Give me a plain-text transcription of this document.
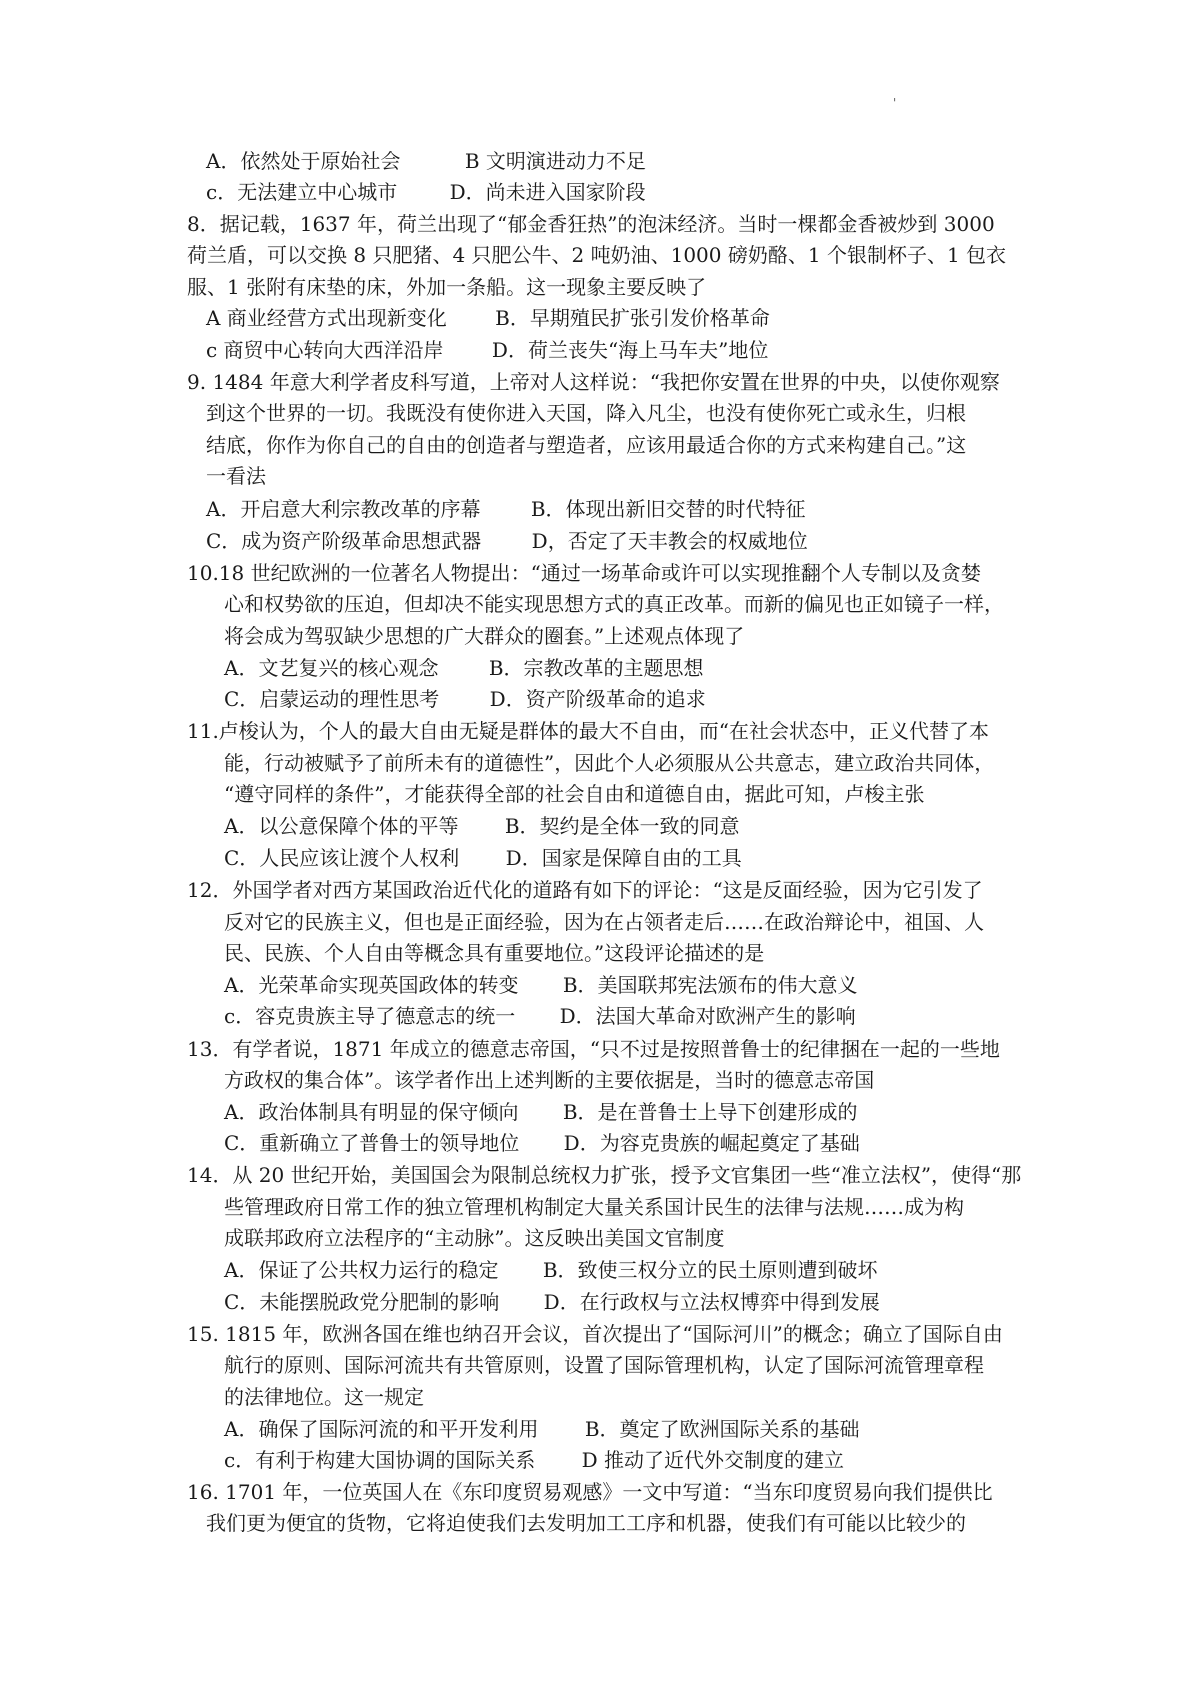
'
A．依然处于原始社会	B 文明演进动力不足
c．无法建立中心城市	D．尚未进入国家阶段
8．据记载，1637 年，荷兰出现了“郁金香狂热”的泡沫经济。当时一棵都金香被炒到 3000
荷兰盾，可以交换 8 只肥猪、4 只肥公牛、2 吨奶油、1000 磅奶酪、1 个银制杯子、1 包衣
服、1 张附有床垫的床，外加一条船。这一现象主要反映了
A 商业经营方式出现新变化 B．早期殖民扩张引发价格革命
c 商贸中心转向大西洋沿岸 D．荷兰丧失“海上马车夫”地位
9. 1484 年意大利学者皮科写道，上帝对人这样说：“我把你安置在世界的中央，以使你观察
到这个世界的一切。我既没有使你进入天国，降入凡尘，也没有使你死亡或永生，归根
结底，你作为你自己的自由的创造者与塑造者，应该用最适合你的方式来构建自己。”这
一看法
A．开启意大利宗教改革的序幕	B．体现出新旧交替的时代特征
C．成为资产阶级革命思想武器	D，否定了天丰教会的权威地位
10.18 世纪欧洲的一位著名人物提出：“通过一场革命或许可以实现推翻个人专制以及贪婪
心和权势欲的压迫，但却决不能实现思想方式的真正改革。而新的偏见也正如镜子一样，
将会成为驾驭缺少思想的广大群众的圈套。”上述观点体现了
A．文艺复兴的核心观念	B．宗教改革的主题思想
C．启蒙运动的理性思考	D．资产阶级革命的追求
11.卢梭认为，个人的最大自由无疑是群体的最大不自由，而“在社会状态中，正义代替了本
能，行动被赋予了前所未有的道德性”，因此个人必须服从公共意志，建立政治共同体，
“遵守同样的条件”，才能获得全部的社会自由和道德自由，据此可知，卢梭主张
A．以公意保障个体的平等 B．契约是全体一致的同意
C．人民应该让渡个人权利 D．国家是保障自由的工具
12．外国学者对西方某国政治近代化的道路有如下的评论：“这是反面经验，因为它引发了
反对它的民族主义，但也是正面经验，因为在占领者走后……在政治辩论中，祖国、人
民、民族、个人自由等概念具有重要地位。”这段评论描述的是
A．光荣革命实现英国政体的转变 B．美国联邦宪法颁布的伟大意义
c．容克贵族主导了德意志的统一 D．法国大革命对欧洲产生的影响
13．有学者说，1871 年成立的德意志帝国，“只不过是按照普鲁士的纪律捆在一起的一些地
方政权的集合体”。该学者作出上述判断的主要依据是，当时的德意志帝国
A．政治体制具有明显的保守倾向 B．是在普鲁士上导下创建形成的
C．重新确立了普鲁士的领导地位 D．为容克贵族的崛起奠定了基础
14．从 20 世纪开始，美国国会为限制总统权力扩张，授予文官集团一些“准立法权”，使得“那
些管理政府日常工作的独立管理机构制定大量关系国计民生的法律与法规……成为构
成联邦政府立法程序的“主动脉”。这反映出美国文官制度
A．保证了公共权力运行的稳定 B．致使三权分立的民土原则遭到破坏
C．未能摆脱政党分肥制的影响 D．在行政权与立法权博弈中得到发展
15. 1815 年，欧洲各国在维也纳召开会议，首次提出了“国际河川”的概念；确立了国际自由
航行的原则、国际河流共有共管原则，设置了国际管理机构，认定了国际河流管理章程
的法律地位。这一规定
A．确保了国际河流的和平开发利用 B．奠定了欧洲国际关系的基础
c．有利于构建大国协调的国际关系 D 推动了近代外交制度的建立
16. 1701 年，一位英国人在《东印度贸易观感》一文中写道：“当东印度贸易向我们提供比
我们更为便宜的货物，它将迫使我们去发明加工工序和机器，使我们有可能以比较少的
